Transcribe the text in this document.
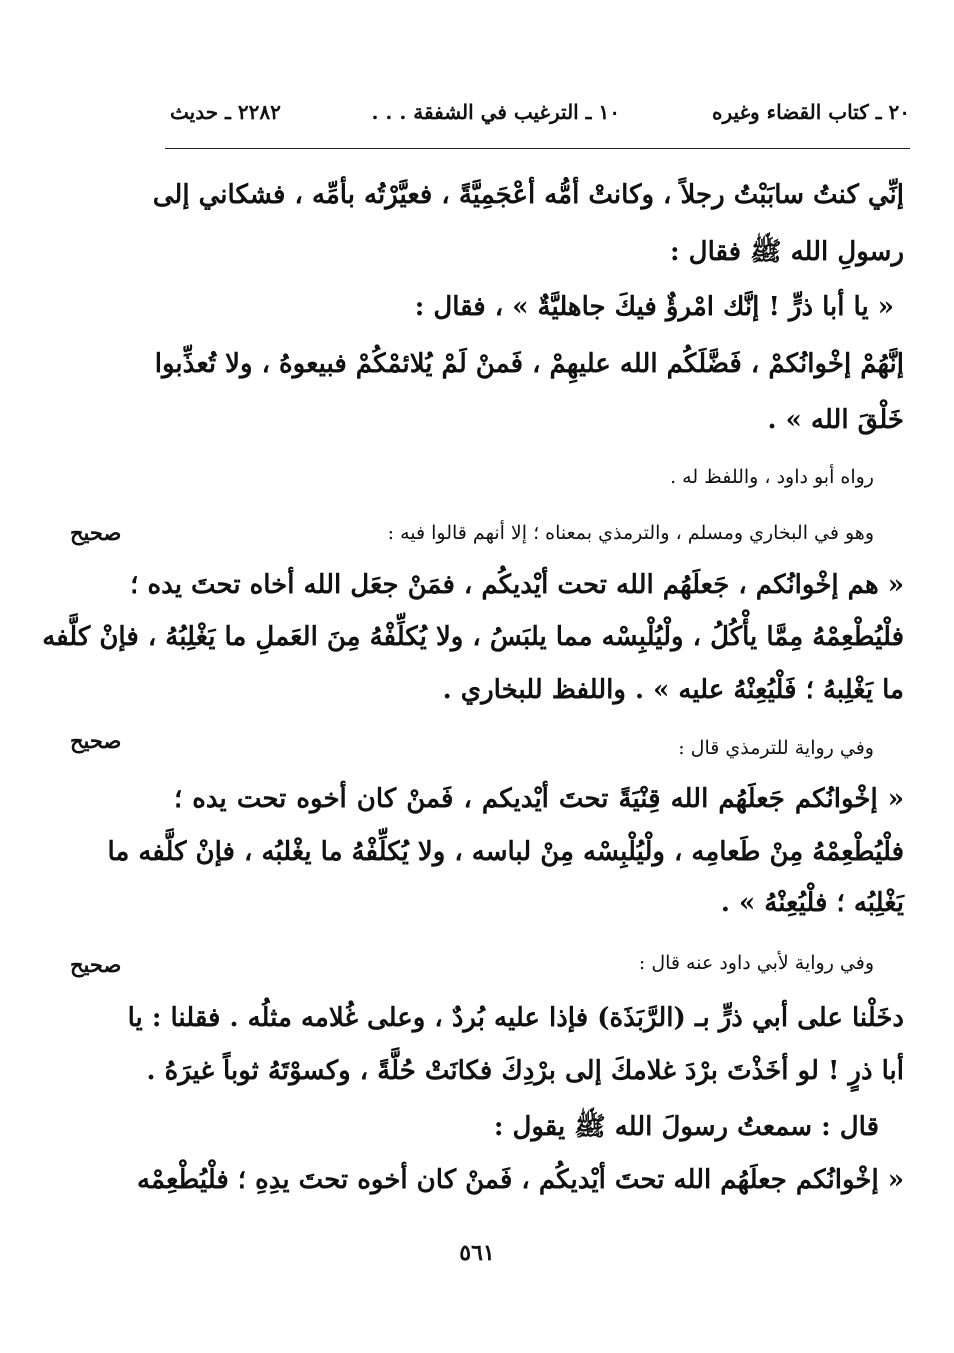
٢٠ ـ كتاب القضاء وغيره
١٠ ـ الترغيب في الشفقة . . .
٢٢٨٢ ـ حديث
إنِّي كنتُ سابَبْتُ رجلاً ، وكانتْ أمُّه أعْجَمِيَّةً ، فعيَّرْتُه بأمِّه ، فشكاني إلى
رسولِ الله ﷺ فقال :
« يا أبا ذرٍّ ! إنَّك امْرؤٌ فيكَ جاهليَّةٌ » ، فقال :
إنَّهُمْ إخْوانُكمْ ، فَضَّلَكُم الله عليهِمْ ، فَمنْ لَمْ يُلائمْكُمْ فبيعوهُ ، ولا تُعذِّبوا
خَلْقَ الله » .
رواه أبو داود ، واللفظ له .
وهو في البخاري ومسلم ، والترمذي بمعناه ؛ إلا أنهم قالوا فيه :
صحيح
« هم إخْوانُكم ، جَعلَهُم الله تحت أيْديكُم ، فمَنْ جعَل الله أخاه تحتَ يده ؛
فلْيُطْعِمْهُ مِمَّا يأْكُلُ ، ولْيُلْبِسْه مما يلبَسُ ، ولا يُكلِّفْهُ مِنَ العَملِ ما يَغْلِبُهُ ، فإنْ كلَّفه
ما يَغْلِبهُ ؛ فَلْيُعِنْهُ عليه » . واللفظ للبخاري .
وفي رواية للترمذي قال :
صحيح
« إخْوانُكم جَعلَهُم الله قِنْيَةً تحتَ أيْديكم ، فَمنْ كان أخوه تحت يده ؛
فلْيُطْعِمْهُ مِنْ طَعامِه ، ولْيُلْبِسْه مِنْ لباسه ، ولا يُكلِّفْهُ ما يغْلبُه ، فإنْ كلَّفه ما
يَغْلِبُه ؛ فلْيُعِنْهُ » .
وفي رواية لأبي داود عنه قال :
صحيح
دخَلْنا على أبي ذرٍّ بـ (الرَّبَذَة) فإذا عليه بُردٌ ، وعلى غُلامه مثلُه . فقلنا : يا
أبا ذرٍ ! لو أخَذْتَ برْدَ غلامكَ إلى برْدِكَ فكانَتْ حُلَّةً ، وكسوْتَهُ ثوباً غيرَهُ .
قال : سمعتُ رسولَ الله ﷺ يقول :
« إخْوانُكم جعلَهُم الله تحتَ أيْديكُم ، فَمنْ كان أخوه تحتَ يدِهِ ؛ فلْيُطْعِمْه
٥٦١
